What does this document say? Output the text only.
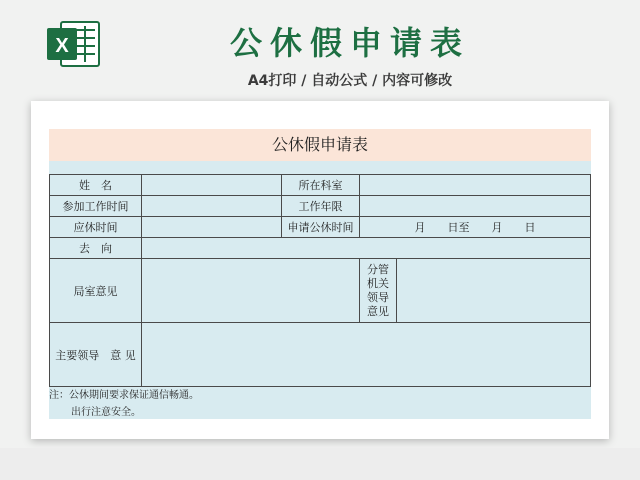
X	公休假申请表
A4打印 / 自动公式 / 内容可修改
公休假申请表
姓　名		所在科室		
参加工作时间		工作年限		
应休时间		申请公休时间	月　　日至　　月　　日	
去　向				
局室意见			分管
机关
领导
意见	

主要领导　意 见				
注：公休期间要求保证通信畅通。
出行注意安全。
